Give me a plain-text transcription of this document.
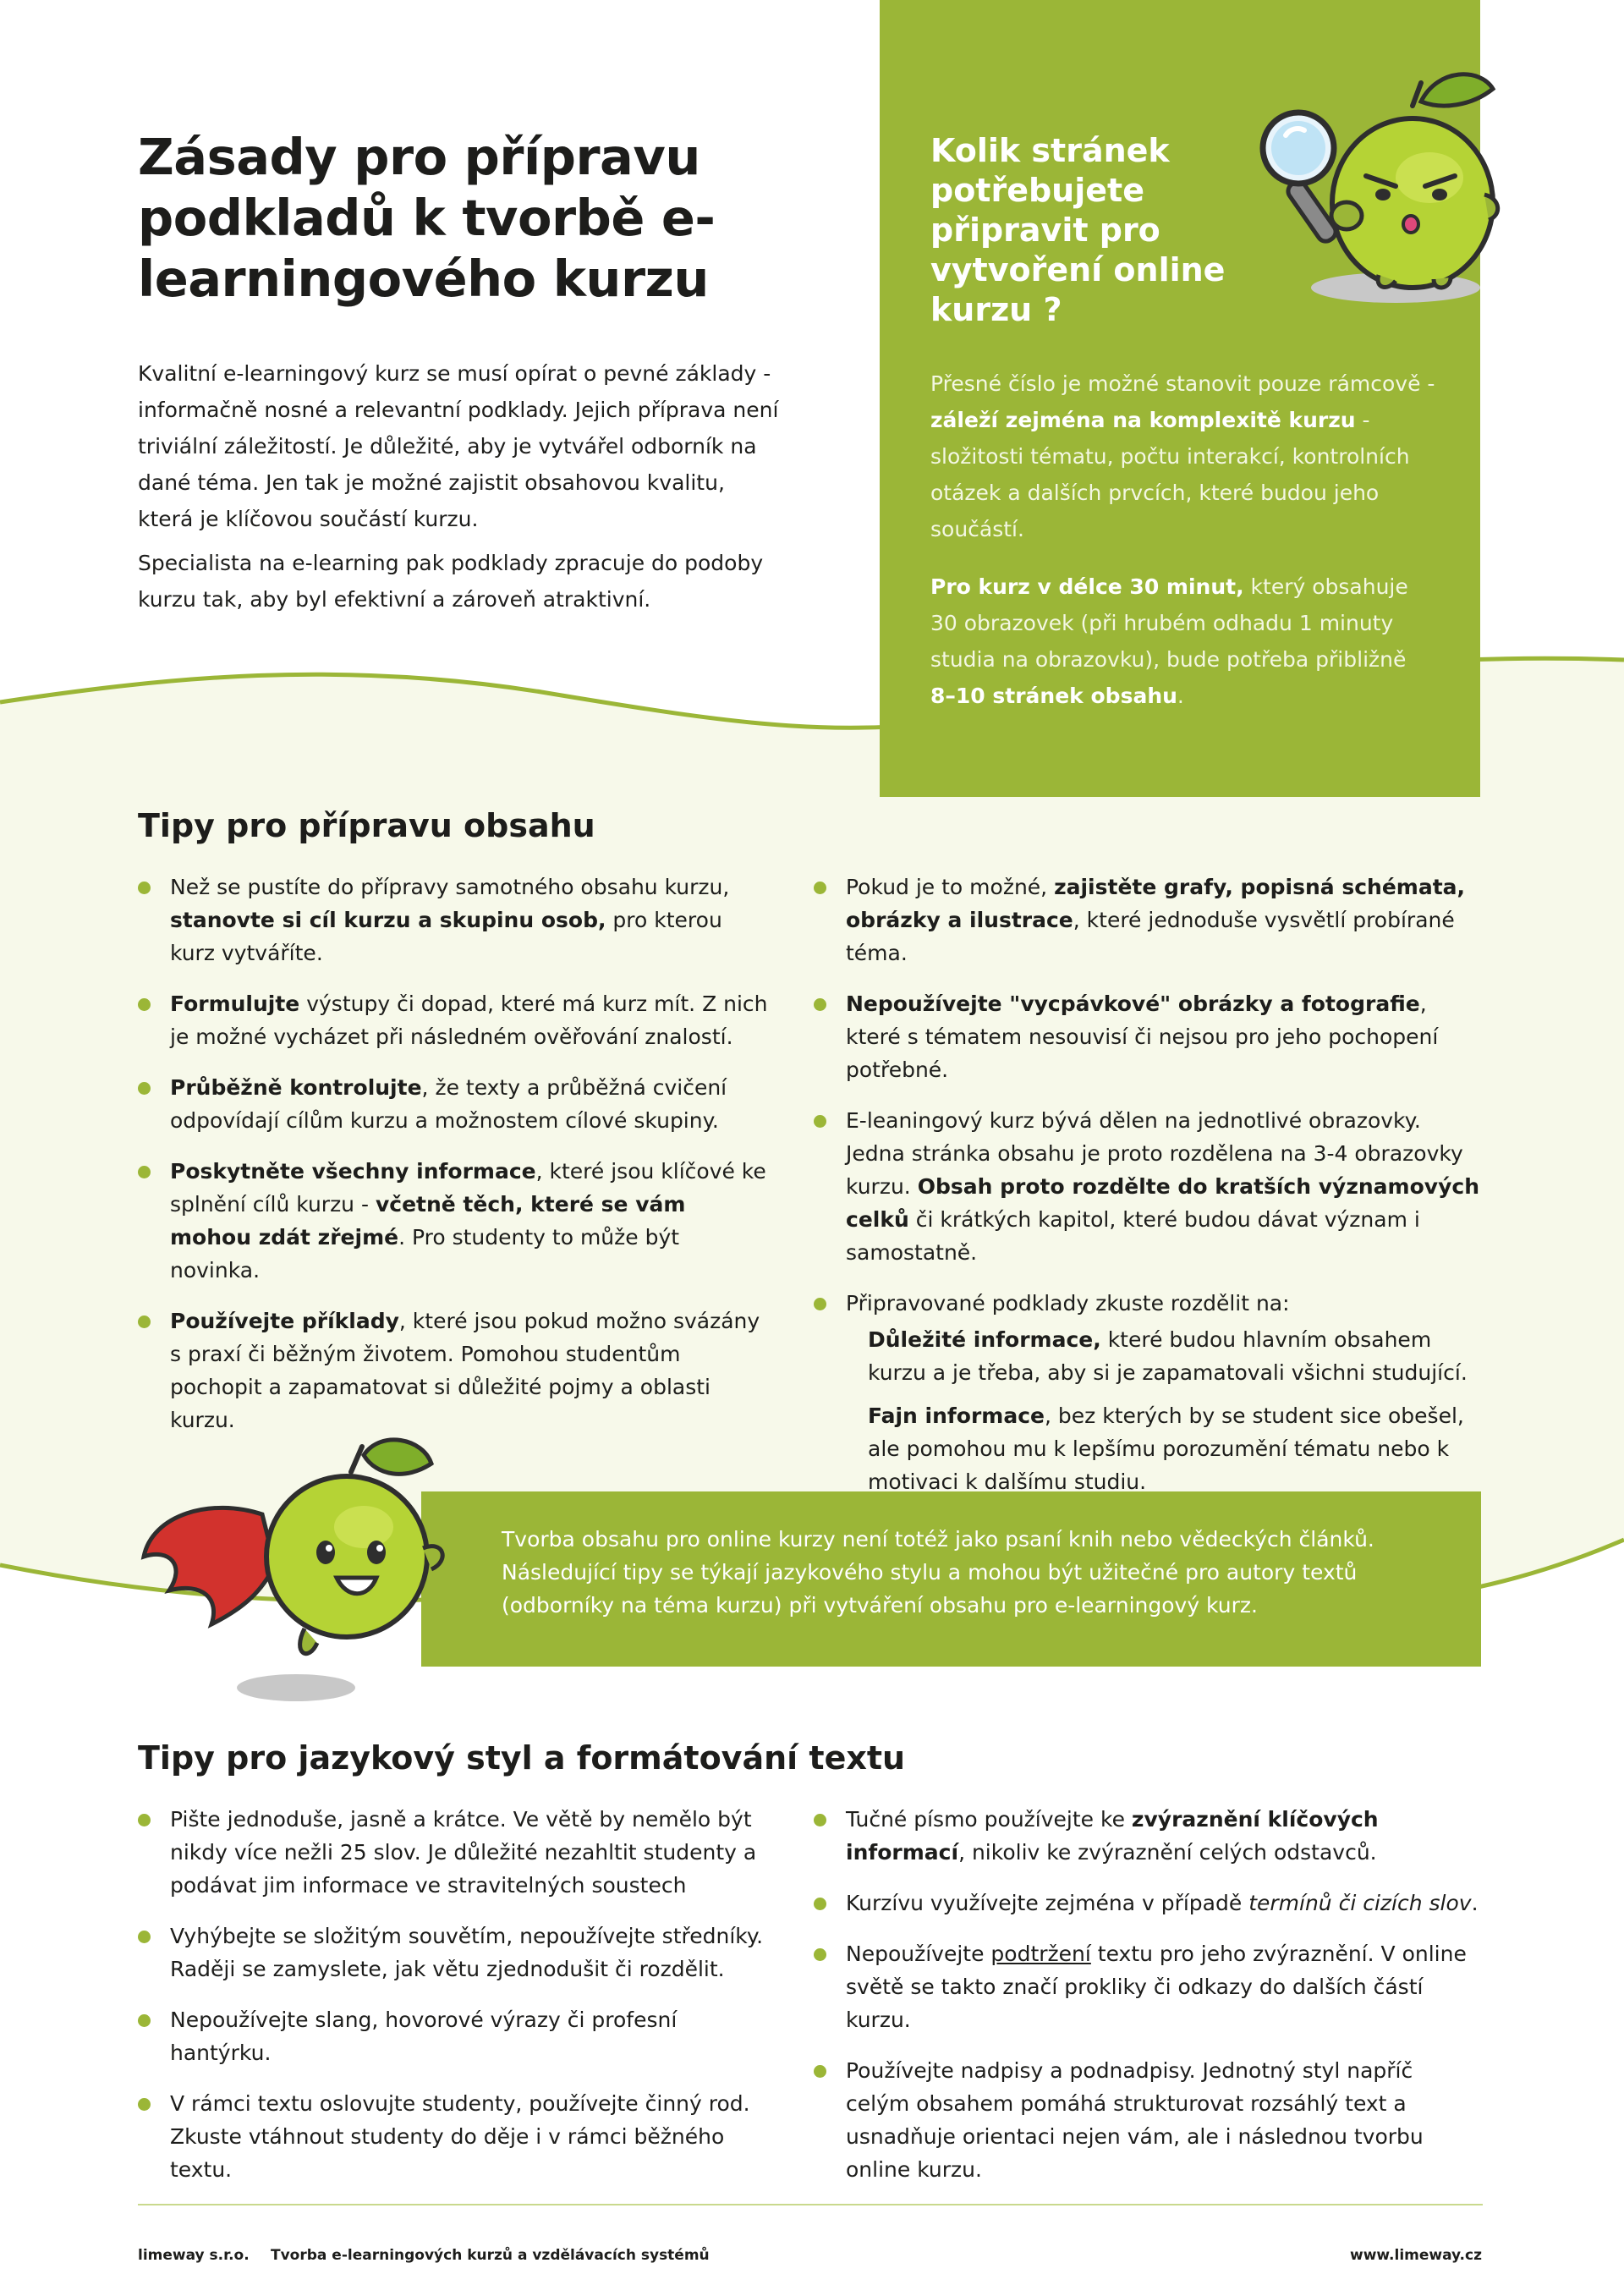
Zásady pro přípravu podkladů k tvorbě e-learningového kurzu

Kvalitní e-learningový kurz se musí opírat o pevné základy - informačně nosné a relevantní podklady. Jejich příprava není triviální záležitostí. Je důležité, aby je vytvářel odborník na dané téma. Jen tak je možné zajistit obsahovou kvalitu, která je klíčovou součástí kurzu.

Specialista na e-learning pak podklady zpracuje do podoby kurzu tak, aby byl efektivní a zároveň atraktivní.

Kolik stránek potřebujete připravit pro vytvoření online kurzu ?

Přesné číslo je možné stanovit pouze rámcově - záleží zejména na komplexitě kurzu - složitosti tématu, počtu interakcí, kontrolních otázek a dalších prvcích, které budou jeho součástí.

Pro kurz v délce 30 minut, který obsahuje 30 obrazovek (při hrubém odhadu 1 minuty studia na obrazovku), bude potřeba přibližně 8–10 stránek obsahu.

Tipy pro přípravu obsahu
Než se pustíte do přípravy samotného obsahu kurzu, stanovte si cíl kurzu a skupinu osob, pro kterou kurz vytváříte.
Formulujte výstupy či dopad, které má kurz mít. Z nich je možné vycházet při následném ověřování znalostí.
Průběžně kontrolujte, že texty a průběžná cvičení odpovídají cílům kurzu a možnostem cílové skupiny.
Poskytněte všechny informace, které jsou klíčové ke splnění cílů kurzu - včetně těch, které se vám mohou zdát zřejmé. Pro studenty to může být novinka.
Používejte příklady, které jsou pokud možno svázány s praxí či běžným životem. Pomohou studentům pochopit a zapamatovat si důležité pojmy a oblasti kurzu.
Pokud je to možné, zajistěte grafy, popisná schémata, obrázky a ilustrace, které jednoduše vysvětlí probírané téma.
Nepoužívejte "vycpávkové" obrázky a fotografie, které s tématem nesouvisí či nejsou pro jeho pochopení potřebné.
E-leaningový kurz bývá dělen na jednotlivé obrazovky. Jedna stránka obsahu je proto rozdělena na 3-4 obrazovky kurzu. Obsah proto rozdělte do kratších významových celků či krátkých kapitol, které budou dávat význam i samostatně.
Připravované podklady zkuste rozdělit na:
Důležité informace, které budou hlavním obsahem kurzu a je třeba, aby si je zapamatovali všichni studující.
Fajn informace, bez kterých by se student sice obešel, ale pomohou mu k lepšímu porozumění tématu nebo k motivaci k dalšímu studiu.
Tvorba obsahu pro online kurzy není totéž jako psaní knih nebo vědeckých článků. Následující tipy se týkají jazykového stylu a mohou být užitečné pro autory textů (odborníky na téma kurzu) při vytváření obsahu pro e-learningový kurz.
Tipy pro jazykový styl a formátování textu
Pište jednoduše, jasně a krátce. Ve větě by nemělo být nikdy více nežli 25 slov. Je důležité nezahltit studenty a podávat jim informace ve stravitelných soustech
Vyhýbejte se složitým souvětím, nepoužívejte středníky. Raději se zamyslete, jak větu zjednodušit či rozdělit.
Nepoužívejte slang, hovorové výrazy či profesní hantýrku.
V rámci textu oslovujte studenty, používejte činný rod. Zkuste vtáhnout studenty do děje i v rámci běžného textu.
Tučné písmo používejte ke zvýraznění klíčových informací, nikoliv ke zvýraznění celých odstavců.
Kurzívu využívejte zejména v případě termínů či cizích slov.
Nepoužívejte podtržení textu pro jeho zvýraznění. V online světě se takto značí prokliky či odkazy do dalších částí kurzu.
Používejte nadpisy a podnadpisy. Jednotný styl napříč celým obsahem pomáhá strukturovat rozsáhlý text a usnadňuje orientaci nejen vám, ale i následnou tvorbu online kurzu.
limeway s.r.o. Tvorba e-learningových kurzů a vzdělávacích systémů	www.limeway.cz
